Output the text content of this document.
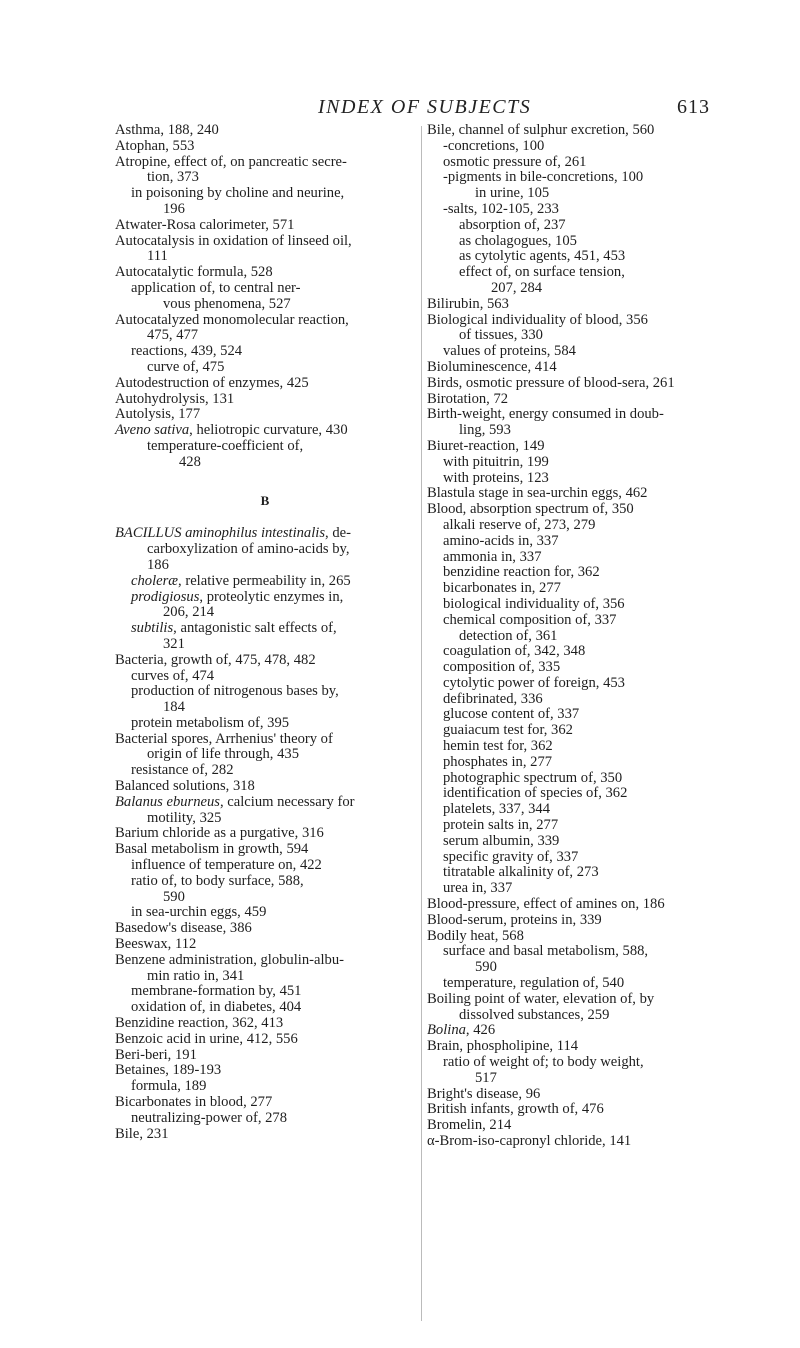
INDEX OF SUBJECTS	613
Asthma, 188, 240
Atophan, 553
Atropine, effect of, on pancreatic secre-
tion, 373
in poisoning by choline and neurine,
196
Atwater-Rosa calorimeter, 571
Autocatalysis in oxidation of linseed oil,
111
Autocatalytic formula, 528
application of, to central ner-
vous phenomena, 527
Autocatalyzed monomolecular reaction,
475, 477
reactions, 439, 524
curve of, 475
Autodestruction of enzymes, 425
Autohydrolysis, 131
Autolysis, 177
Aveno sativa, heliotropic curvature, 430
temperature-coefficient of,
428
B
BACILLUS aminophilus intestinalis, de-
carboxylization of amino-acids by,
186
choleræ, relative permeability in, 265
prodigiosus, proteolytic enzymes in,
206, 214
subtilis, antagonistic salt effects of,
321
Bacteria, growth of, 475, 478, 482
curves of, 474
production of nitrogenous bases by,
184
protein metabolism of, 395
Bacterial spores, Arrhenius' theory of
origin of life through, 435
resistance of, 282
Balanced solutions, 318
Balanus eburneus, calcium necessary for
motility, 325
Barium chloride as a purgative, 316
Basal metabolism in growth, 594
influence of temperature on, 422
ratio of, to body surface, 588,
590
in sea-urchin eggs, 459
Basedow's disease, 386
Beeswax, 112
Benzene administration, globulin-albu-
min ratio in, 341
membrane-formation by, 451
oxidation of, in diabetes, 404
Benzidine reaction, 362, 413
Benzoic acid in urine, 412, 556
Beri-beri, 191
Betaines, 189-193
formula, 189
Bicarbonates in blood, 277
neutralizing-power of, 278
Bile, 231
Bile, channel of sulphur excretion, 560
-concretions, 100
osmotic pressure of, 261
-pigments in bile-concretions, 100
in urine, 105
-salts, 102-105, 233
absorption of, 237
as cholagogues, 105
as cytolytic agents, 451, 453
effect of, on surface tension,
207, 284
Bilirubin, 563
Biological individuality of blood, 356
of tissues, 330
values of proteins, 584
Bioluminescence, 414
Birds, osmotic pressure of blood-sera, 261
Birotation, 72
Birth-weight, energy consumed in doub-
ling, 593
Biuret-reaction, 149
with pituitrin, 199
with proteins, 123
Blastula stage in sea-urchin eggs, 462
Blood, absorption spectrum of, 350
alkali reserve of, 273, 279
amino-acids in, 337
ammonia in, 337
benzidine reaction for, 362
bicarbonates in, 277
biological individuality of, 356
chemical composition of, 337
detection of, 361
coagulation of, 342, 348
composition of, 335
cytolytic power of foreign, 453
defibrinated, 336
glucose content of, 337
guaiacum test for, 362
hemin test for, 362
phosphates in, 277
photographic spectrum of, 350
identification of species of, 362
platelets, 337, 344
protein salts in, 277
serum albumin, 339
specific gravity of, 337
titratable alkalinity of, 273
urea in, 337
Blood-pressure, effect of amines on, 186
Blood-serum, proteins in, 339
Bodily heat, 568
surface and basal metabolism, 588,
590
temperature, regulation of, 540
Boiling point of water, elevation of, by
dissolved substances, 259
Bolina, 426
Brain, phospholipine, 114
ratio of weight of; to body weight,
517
Bright's disease, 96
British infants, growth of, 476
Bromelin, 214
α-Brom-iso-capronyl chloride, 141
